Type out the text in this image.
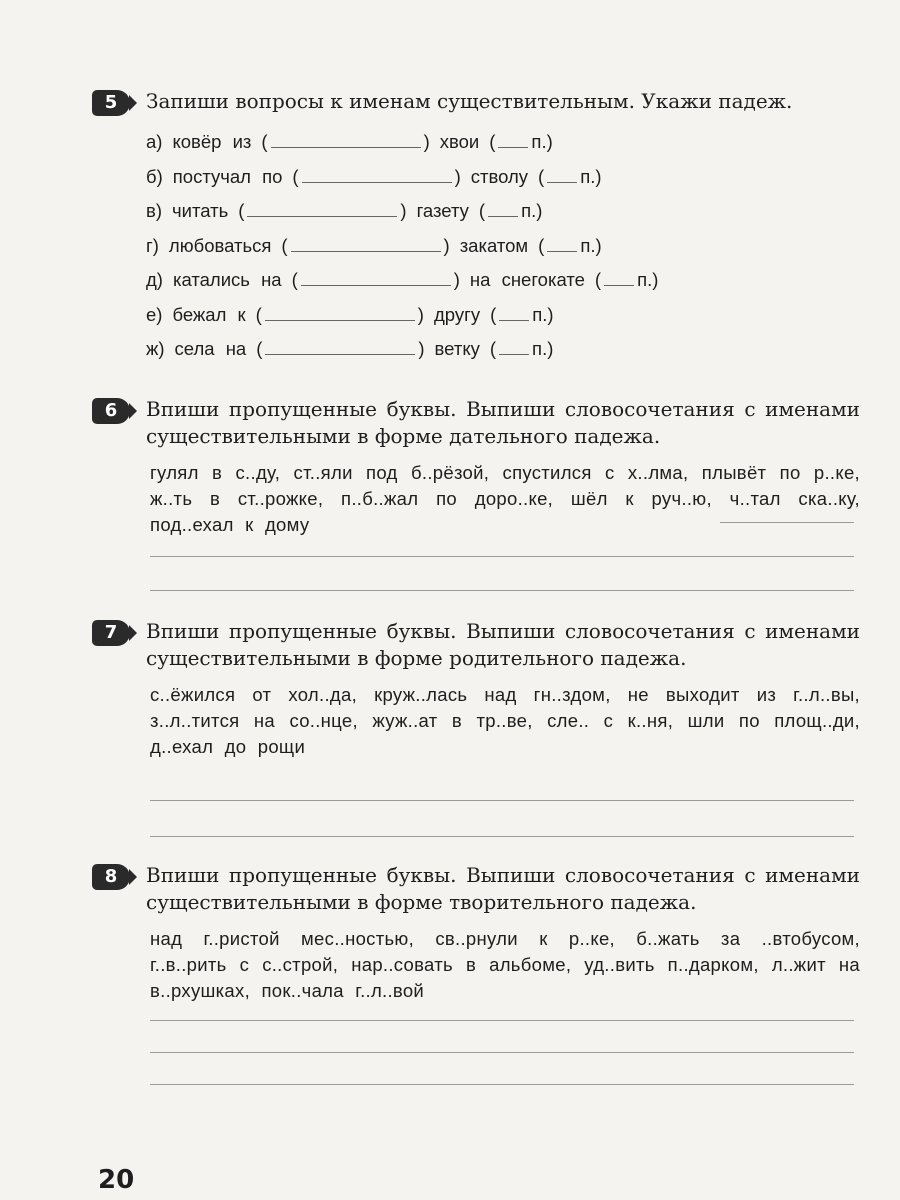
5	Запиши вопросы к именам существительным. Укажи падеж.
а) ковёр из (	) хвои ( п.)
б) постучал по (	) стволу ( п.)
в) читать (	) газету ( п.)
г) любоваться (	) закатом ( п.)
д) катались на (	) на снегокате ( п.)
е) бежал к (	) другу ( п.)
ж) села на (	) ветку ( п.)
6	Впиши пропущенные буквы. Выпиши словосочетания с именами существительными в форме дательного падежа.
гулял в с..ду, ст..яли под б..рёзой, спустился с х..лма, плывёт по р..ке, ж..ть в ст..рожке, п..б..жал по доро..ке, шёл к руч..ю, ч..тал ска..ку, под..ехал к дому
7	Впиши пропущенные буквы. Выпиши словосочетания с именами существительными в форме родительного падежа.
с..ёжился от хол..да, круж..лась над гн..здом, не выходит из г..л..вы, з..л..тится на со..нце, жуж..ат в тр..ве, сле.. с к..ня, шли по площ..ди, д..ехал до рощи
8	Впиши пропущенные буквы. Выпиши словосочетания с именами существительными в форме творительного падежа.
над г..ристой мес..ностью, св..рнули к р..ке, б..жать за ..втобусом, г..в..рить с с..строй, нар..совать в альбоме, уд..вить п..дарком, л..жит на в..рхушках, пок..чала г..л..вой
20
